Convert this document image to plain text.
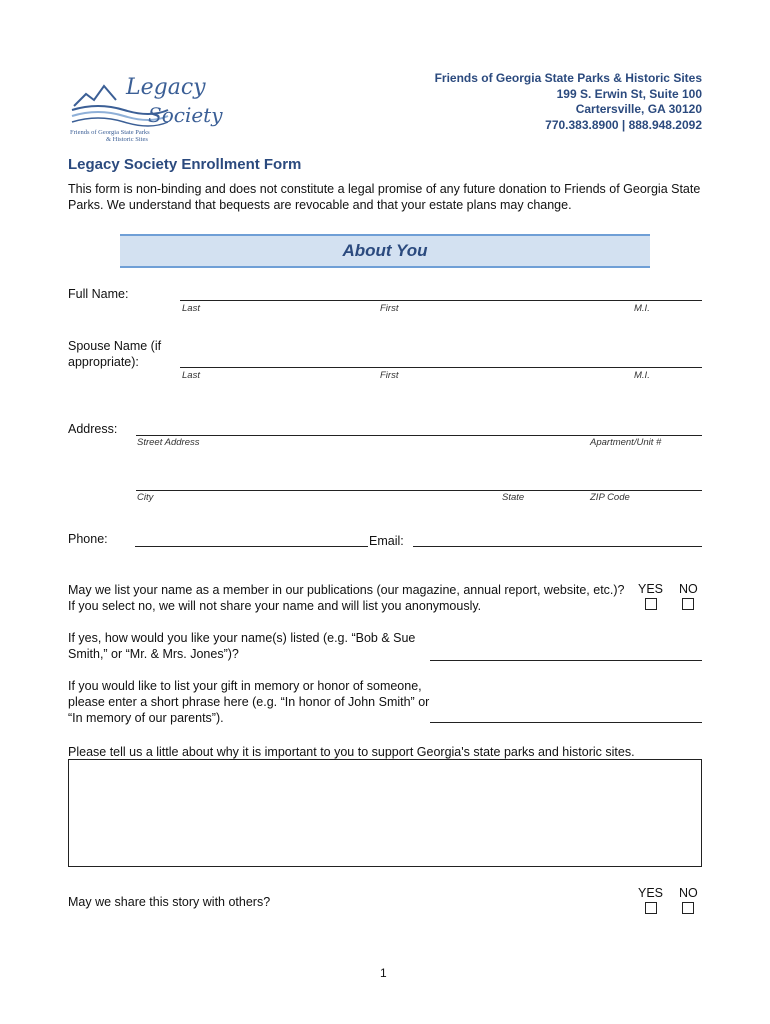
Legacy
Society
Friends of Georgia State Parks
& Historic Sites
Friends of Georgia State Parks & Historic Sites
199 S. Erwin St, Suite 100
Cartersville, GA 30120
770.383.8900 | 888.948.2092
Legacy Society Enrollment Form
This form is non-binding and does not constitute a legal promise of any future donation to Friends of Georgia State Parks. We understand that bequests are revocable and that your estate plans may change.
About You
Full Name:
Last	First	M.I.
Spouse Name (if appropriate):
Last	First	M.I.
Address:
Street Address	Apartment/Unit #
City	State	ZIP Code
Phone:	Email:
May we list your name as a member in our publications (our magazine, annual report, website, etc.)? If you select no, we will not share your name and will list you anonymously.
YES NO
If yes, how would you like your name(s) listed (e.g. “Bob & Sue Smith,” or “Mr. & Mrs. Jones”)?
If you would like to list your gift in memory or honor of someone, please enter a short phrase here (e.g. “In honor of John Smith” or “In memory of our parents”).
Please tell us a little about why it is important to you to support Georgia's state parks and historic sites.
May we share this story with others?
YES NO
1
